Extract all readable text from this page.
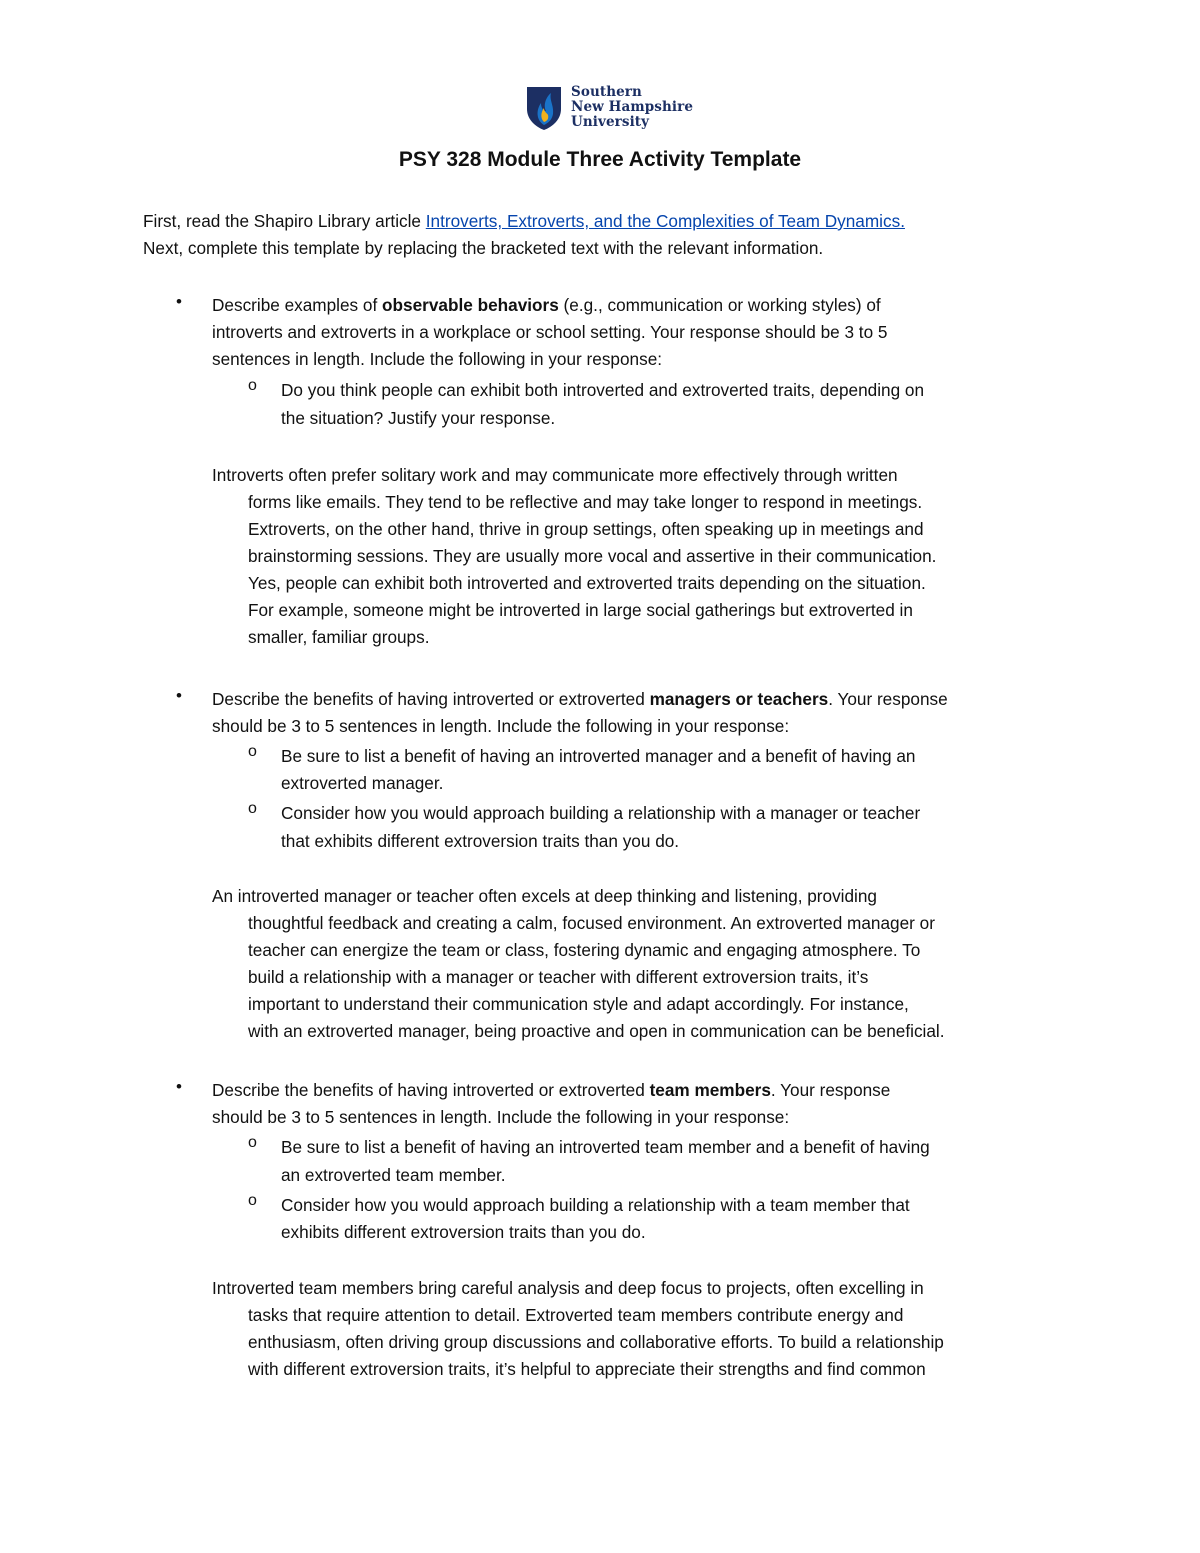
Southern
New Hampshire
University
PSY 328 Module Three Activity Template
First, read the Shapiro Library article Introverts, Extroverts, and the Complexities of Team Dynamics.
Next, complete this template by replacing the bracketed text with the relevant information.
• Describe examples of observable behaviors (e.g., communication or working styles) of
introverts and extroverts in a workplace or school setting. Your response should be 3 to 5
sentences in length. Include the following in your response:
o Do you think people can exhibit both introverted and extroverted traits, depending on
the situation? Justify your response.
Introverts often prefer solitary work and may communicate more effectively through written
forms like emails. They tend to be reflective and may take longer to respond in meetings.
Extroverts, on the other hand, thrive in group settings, often speaking up in meetings and
brainstorming sessions. They are usually more vocal and assertive in their communication.
Yes, people can exhibit both introverted and extroverted traits depending on the situation.
For example, someone might be introverted in large social gatherings but extroverted in
smaller, familiar groups.
• Describe the benefits of having introverted or extroverted managers or teachers. Your response
should be 3 to 5 sentences in length. Include the following in your response:
o Be sure to list a benefit of having an introverted manager and a benefit of having an
extroverted manager.
o Consider how you would approach building a relationship with a manager or teacher
that exhibits different extroversion traits than you do.
An introverted manager or teacher often excels at deep thinking and listening, providing
thoughtful feedback and creating a calm, focused environment. An extroverted manager or
teacher can energize the team or class, fostering dynamic and engaging atmosphere. To
build a relationship with a manager or teacher with different extroversion traits, it’s
important to understand their communication style and adapt accordingly. For instance,
with an extroverted manager, being proactive and open in communication can be beneficial.
• Describe the benefits of having introverted or extroverted team members. Your response
should be 3 to 5 sentences in length. Include the following in your response:
o Be sure to list a benefit of having an introverted team member and a benefit of having
an extroverted team member.
o Consider how you would approach building a relationship with a team member that
exhibits different extroversion traits than you do.
Introverted team members bring careful analysis and deep focus to projects, often excelling in
tasks that require attention to detail. Extroverted team members contribute energy and
enthusiasm, often driving group discussions and collaborative efforts. To build a relationship
with different extroversion traits, it’s helpful to appreciate their strengths and find common
